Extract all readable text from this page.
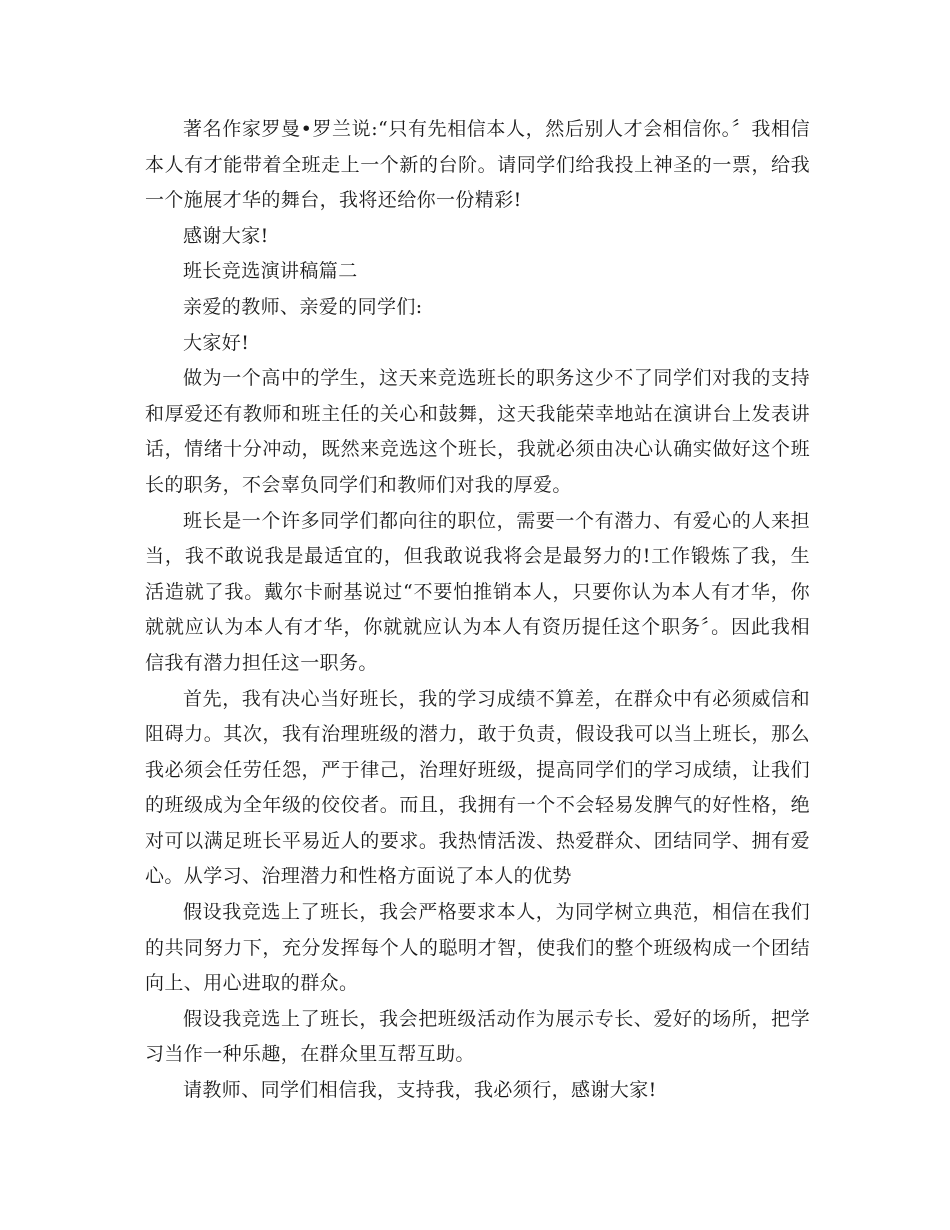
著名作家罗曼•罗兰说:“只有先相信本人，然后别人才会相信你。〞我相信本人有才能带着全班走上一个新的台阶。请同学们给我投上神圣的一票，给我一个施展才华的舞台，我将还给你一份精彩!

感谢大家!

班长竞选演讲稿篇二

亲爱的教师、亲爱的同学们:

大家好!

做为一个高中的学生，这天来竞选班长的职务这少不了同学们对我的支持和厚爱还有教师和班主任的关心和鼓舞，这天我能荣幸地站在演讲台上发表讲话，情绪十分冲动，既然来竞选这个班长，我就必须由决心认确实做好这个班长的职务，不会辜负同学们和教师们对我的厚爱。

班长是一个许多同学们都向往的职位，需要一个有潜力、有爱心的人来担当，我不敢说我是最适宜的，但我敢说我将会是最努力的!工作锻炼了我，生活造就了我。戴尔卡耐基说过“不要怕推销本人，只要你认为本人有才华，你就就应认为本人有才华，你就就应认为本人有资历提任这个职务〞。因此我相信我有潜力担任这一职务。

首先，我有决心当好班长，我的学习成绩不算差，在群众中有必须威信和阻碍力。其次，我有治理班级的潜力，敢于负责，假设我可以当上班长，那么我必须会任劳任怨，严于律己，治理好班级，提高同学们的学习成绩，让我们的班级成为全年级的佼佼者。而且，我拥有一个不会轻易发脾气的好性格，绝对可以满足班长平易近人的要求。我热情活泼、热爱群众、团结同学、拥有爱心。从学习、治理潜力和性格方面说了本人的优势

假设我竞选上了班长，我会严格要求本人，为同学树立典范，相信在我们的共同努力下，充分发挥每个人的聪明才智，使我们的整个班级构成一个团结向上、用心进取的群众。

假设我竞选上了班长，我会把班级活动作为展示专长、爱好的场所，把学习当作一种乐趣，在群众里互帮互助。

请教师、同学们相信我，支持我，我必须行，感谢大家!
